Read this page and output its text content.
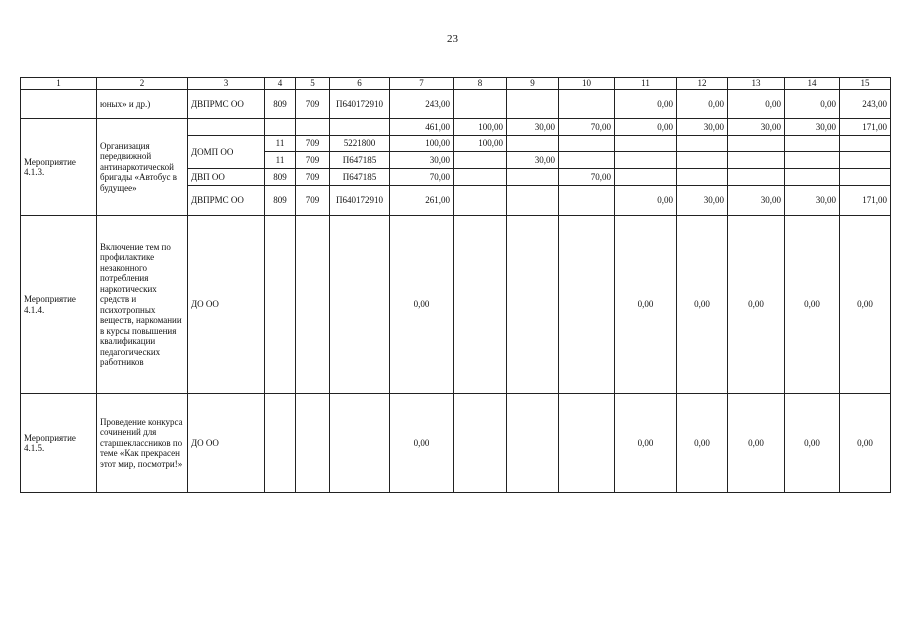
23
1	2	3	4	5	6	7	8	9	10	11	12	13	14	15
	юных» и др.)	ДВПРМС ОО	809	709	П640172910	243,00				0,00	0,00	0,00	0,00	243,00
Мероприятие 4.1.3.	Организация передвижной антинаркотической бригады «Автобус в будущее»					461,00	100,00	30,00	70,00	0,00	30,00	30,00	30,00	171,00
		ДОМП ОО	11	709	5221800	100,00	100,00							
			11	709	П647185	30,00		30,00						
		ДВП ОО	809	709	П647185	70,00			70,00					
		ДВПРМС ОО	809	709	П640172910	261,00				0,00	30,00	30,00	30,00	171,00
Мероприятие 4.1.4.	Включение тем по профилактике незаконного потребления наркотических средств и психотропных веществ, наркомании в курсы повышения квалификации педагогических работников	ДО ОО				0,00				0,00	0,00	0,00	0,00	0,00
Мероприятие 4.1.5.	Проведение конкурса сочинений для старшеклассников по теме «Как прекрасен этот мир, посмотри!»	ДО ОО				0,00				0,00	0,00	0,00	0,00	0,00
